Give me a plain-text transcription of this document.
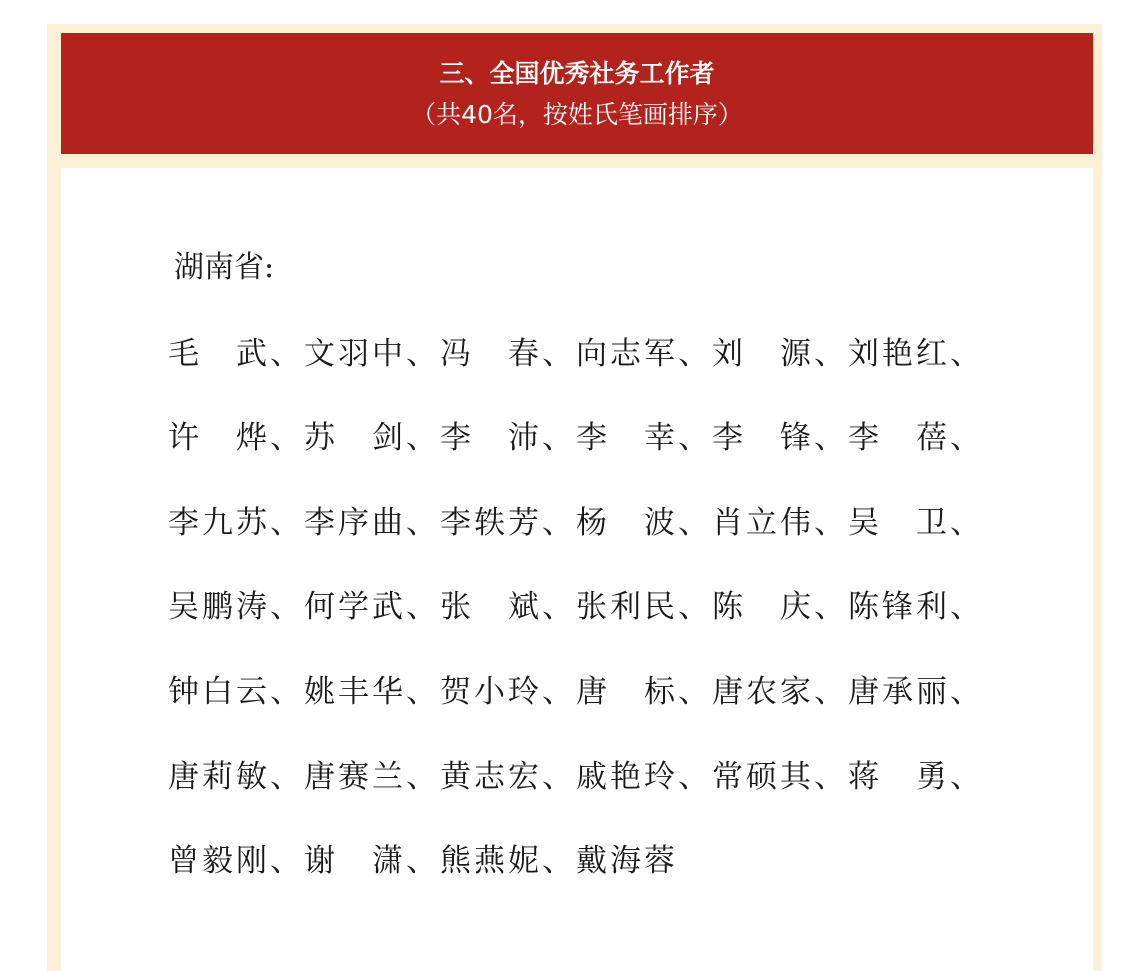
三、全国优秀社务工作者
（共40名，按姓氏笔画排序）
湖南省:
毛　武、文羽中、冯　春、向志军、刘　源、刘艳红、
许　烨、苏　剑、李　沛、李　幸、李　锋、李　蓓、
李九苏、李序曲、李轶芳、杨　波、肖立伟、吴　卫、
吴鹏涛、何学武、张　斌、张利民、陈　庆、陈锋利、
钟白云、姚丰华、贺小玲、唐　标、唐农家、唐承丽、
唐莉敏、唐赛兰、黄志宏、戚艳玲、常硕其、蒋　勇、
曾毅刚、谢　潇、熊燕妮、戴海蓉
